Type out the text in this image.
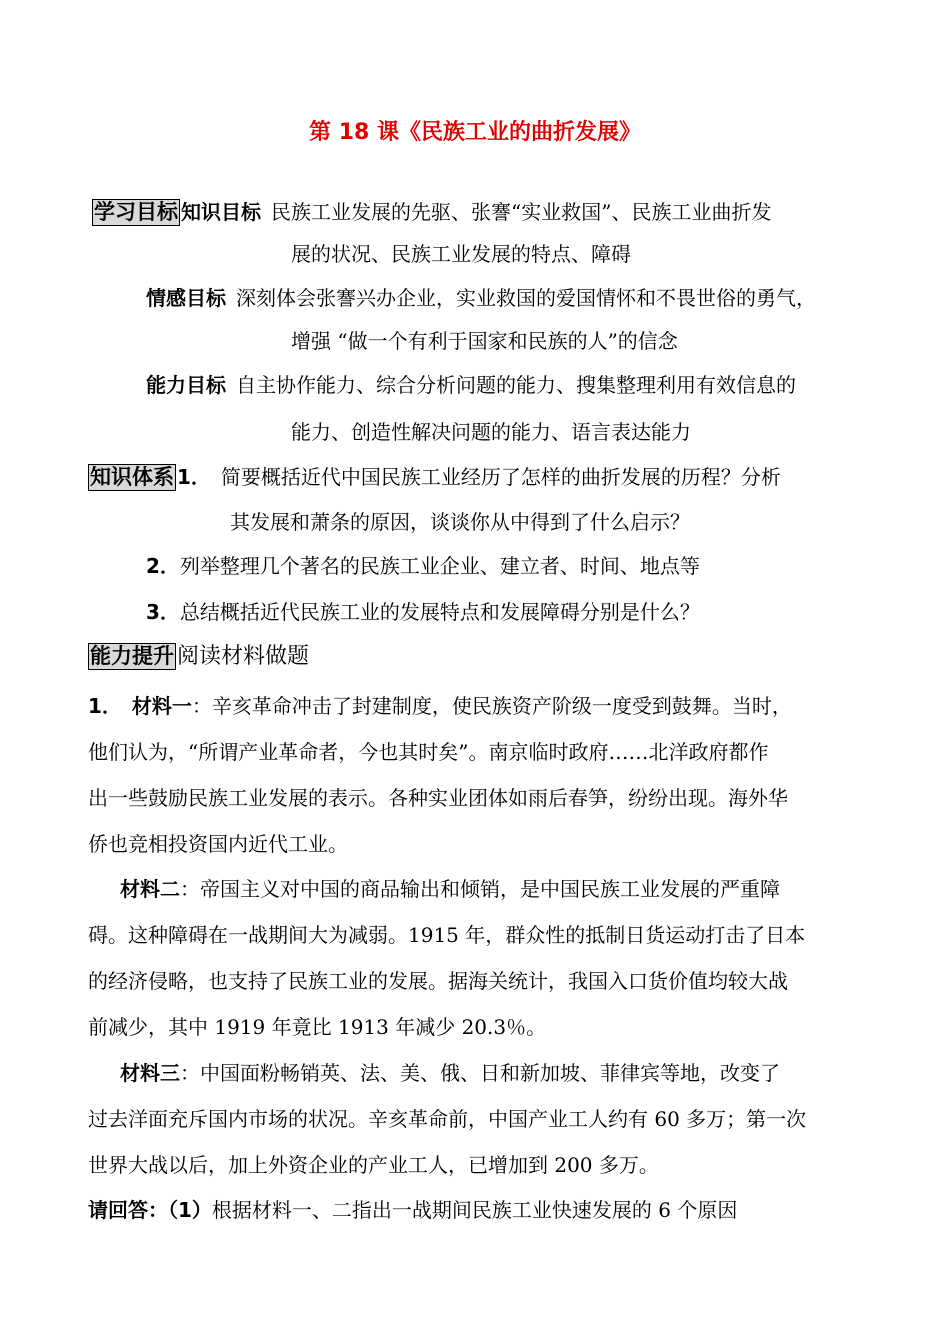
第 18 课《民族工业的曲折发展》
学习目标 知识目标 民族工业发展的先驱、张謇“实业救国”、民族工业曲折发
展的状况、民族工业发展的特点、障碍
情感目标 深刻体会张謇兴办企业，实业救国的爱国情怀和不畏世俗的勇气，
增强 “做一个有利于国家和民族的人”的信念
能力目标 自主协作能力、综合分析问题的能力、搜集整理利用有效信息的
能力、创造性解决问题的能力、语言表达能力
知识体系 1． 简要概括近代中国民族工业经历了怎样的曲折发展的历程？分析
其发展和萧条的原因，谈谈你从中得到了什么启示？
2．列举整理几个著名的民族工业企业、建立者、时间、地点等
3．总结概括近代民族工业的发展特点和发展障碍分别是什么？
能力提升 阅读材料做题
1． 材料一：辛亥革命冲击了封建制度，使民族资产阶级一度受到鼓舞。当时，
他们认为，“所谓产业革命者，今也其时矣”。南京临时政府……北洋政府都作
出一些鼓励民族工业发展的表示。各种实业团体如雨后春笋，纷纷出现。海外华
侨也竞相投资国内近代工业。
材料二：帝国主义对中国的商品输出和倾销，是中国民族工业发展的严重障
碍。这种障碍在一战期间大为减弱。1915 年，群众性的抵制日货运动打击了日本
的经济侵略，也支持了民族工业的发展。据海关统计，我国入口货价值均较大战
前减少，其中 1919 年竟比 1913 年减少 20.3％。
材料三：中国面粉畅销英、法、美、俄、日和新加坡、菲律宾等地，改变了
过去洋面充斥国内市场的状况。辛亥革命前，中国产业工人约有 60 多万；第一次
世界大战以后，加上外资企业的产业工人，已增加到 200 多万。
请回答：（1）根据材料一、二指出一战期间民族工业快速发展的 6 个原因
